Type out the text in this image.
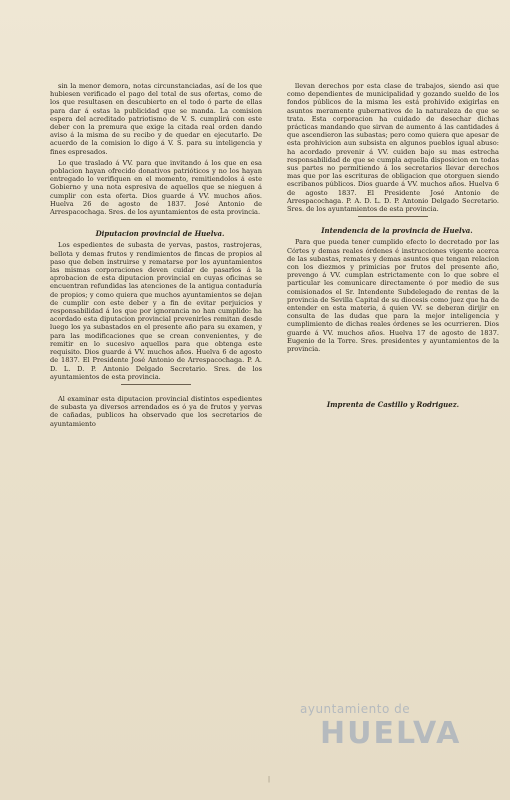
sin la menor demora, notas circunstanciadas, así de los que hubiesen verificado el pago del total de sus ofertas, como de los que resultasen en descubierto en el todo ó parte de ellas para dar á estas la publicidad que se manda. La comision espera del acreditado patriotismo de V. S. cumplirá con este deber con la premura que exige la citada real orden dando aviso á la misma de su recibo y de quedar en ejecutarlo. De acuerdo de la comision lo digo á V. S. para su inteligencia y fines espresados.

Lo que traslado á VV. para que invitando á los que en esa poblacion hayan ofrecido donativos patrióticos y no los hayan entregado lo verifiquen en el momento, remitiendolos á este Gobierno y una nota espresiva de aquellos que se nieguen á cumplir con esta oferta. Dios guarde á VV. muchos años. Huelva 26 de agosto de 1837. José Antonio de Arrespacochaga. Sres. de los ayuntamientos de esta provincia.

Diputacion provincial de Huelva.

Los espedientes de subasta de yervas, pastos, rastrojeras, bellota y demas frutos y rendimientos de fincas de propios al paso que deben instruirse y rematarse por los ayuntamientos las mismas corporaciones deven cuidar de pasarlos á la aprobacion de esta diputacion provincial en cuyas oficinas se encuentran refundidas las atenciones de la antigua contaduría de propios; y como quiera que muchos ayuntamientos se dejan de cumplir con este deber y a fin de evitar perjuicios y responsabilidad á los que por ignorancia no han cumplido: ha acordado esta diputacion provincial prevenirles remitan desde luego los ya subastados en el presente año para su examen, y para las modificaciones que se crean convenientes, y de remitir en lo sucesivo aquellos para que obtenga este requisito. Dios guarde á VV. muchos años. Huelva 6 de agosto de 1837. El Presidente José Antonio de Arrespacochaga. P. A. D. L. D. P. Antonio Delgado Secretario. Sres. de los ayuntamientos de esta provincia.

Al examinar esta diputacion provincial distintos espedientes de subasta ya diversos arrendados es ó ya de frutos y yervas de cañadas, publicos ha observado que los secretarios de ayuntamiento

llevan derechos por esta clase de trabajos, siendo asi que como dependientes de municipalidad y gozando sueldo de los fondos públicos de la misma les está prohivido exigirlas en asuntos meramente gubernativos de la naturaleza de que se trata. Esta corporacion ha cuidado de desechar dichas prácticas mandando que sirvan de aumento á las cantidades á que ascendieron las subastas; pero como quiera que apesar de esta prohivicion aun subsista en algunos pueblos igual abuso: ha acordado prevenir á VV. cuiden bajo su mas estrecha responsabilidad de que se cumpla aquella disposicion en todas sus partes no permitiendo á los secretarios llevar derechos mas que por las escrituras de obligacion que otorguen siendo escribanos públicos. Dios guarde á VV. muchos años. Huelva 6 de agosto 1837. El Presidente José Antonio de Arrespacochaga. P. A. D. L. D. P. Antonio Delgado Secretario. Sres. de los ayuntamientos de esta provincia.

Intendencia de la provincia de Huelva.

Para que pueda tener cumplido efecto lo decretado por las Córtes y demas reales órdenes é instrucciones vigente acerca de las subastas, remates y demas asuntos que tengan relacion con los diezmos y primicias por frutos del presente año, prevengo á VV. cumplan estrictamente con lo que sobre el particular les comunicare directamente ó por medio de sus comisionados el Sr. Intendente Subdelegado de rentas de la provincia de Sevilla Capital de su diocesis como juez que ha de entender en esta materia, á quien VV. se deberan dirijir en consulta de las dudas que para la mejor inteligencia y cumplimiento de dichas reales órdenes se les ocurrieren. Dios guarde á VV. muchos años. Huelva 17 de agosto de 1837. Eugenio de la Torre. Sres. presidentes y ayuntamientos de la provincia.

Imprenta de Castillo y Rodriguez.
ayuntamiento de
HUELVA
|
